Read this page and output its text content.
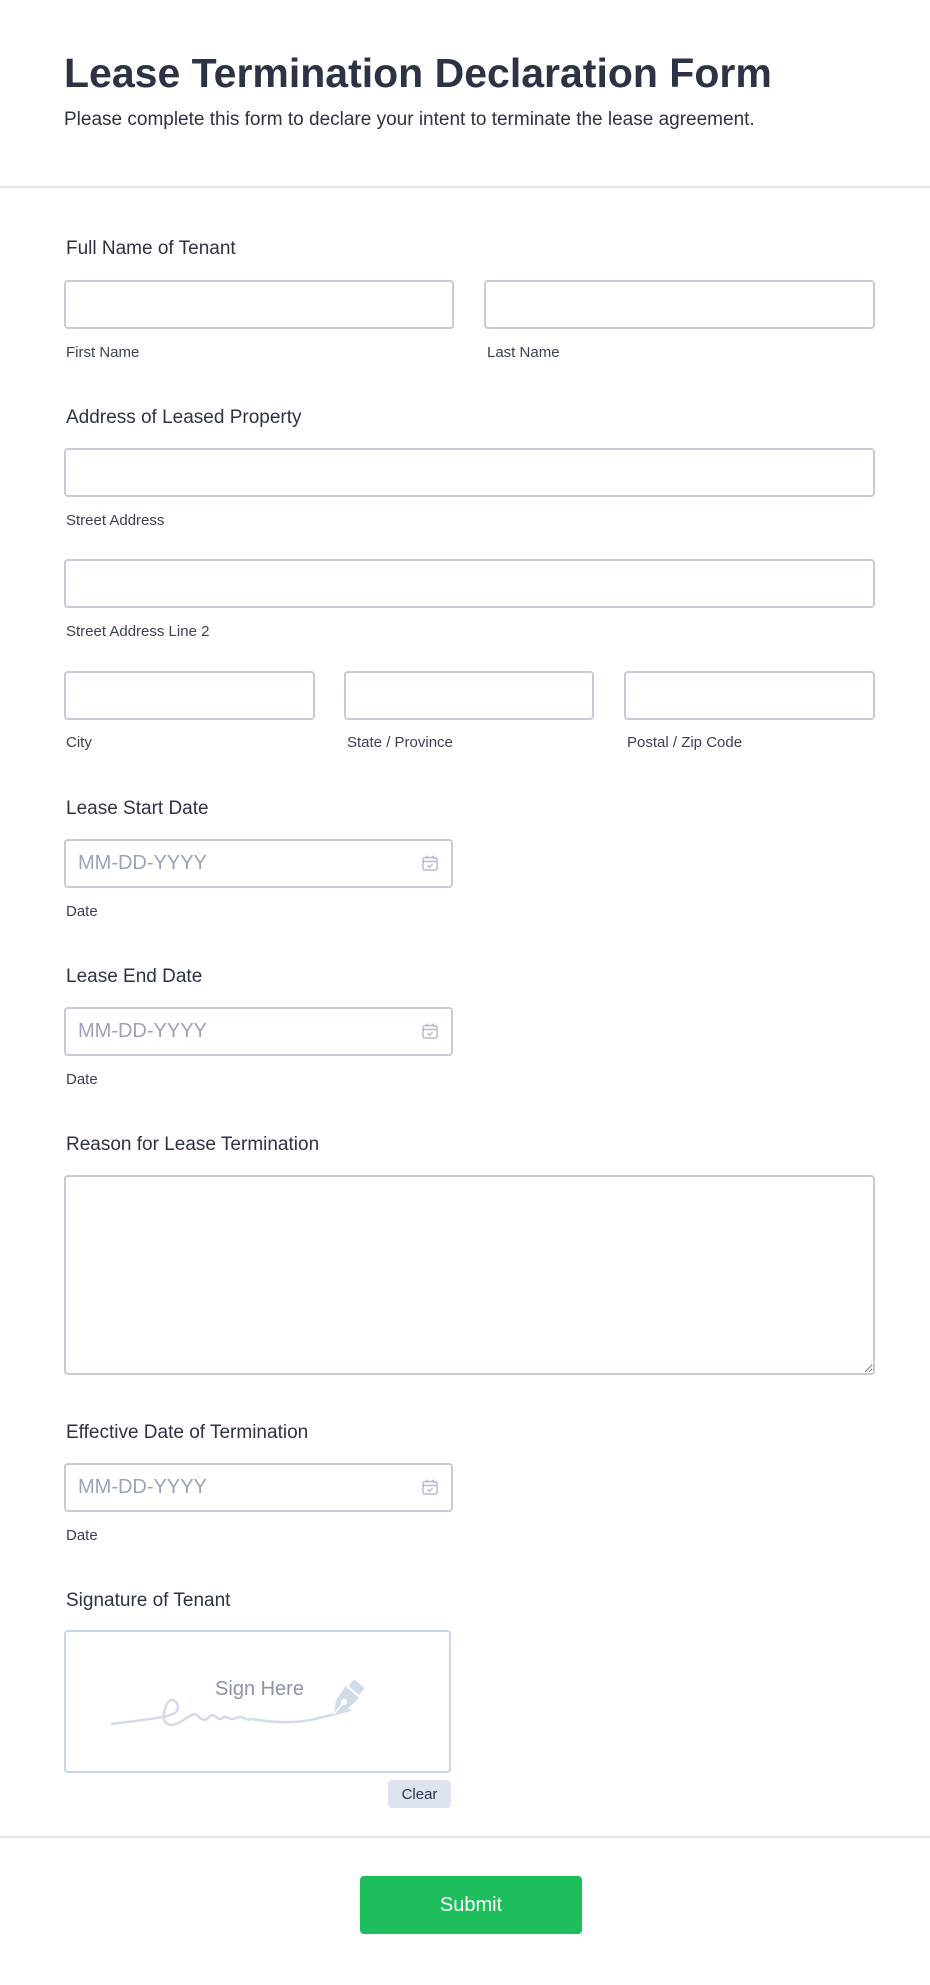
Lease Termination Declaration Form

Please complete this form to declare your intent to terminate the lease agreement.

Full Name of Tenant
First Name	Last Name
Address of Leased Property
Street Address
Street Address Line 2
City	State / Province	Postal / Zip Code
Lease Start Date
MM-DD-YYYY
Date
Lease End Date
MM-DD-YYYY
Date
Reason for Lease Termination
Effective Date of Termination
MM-DD-YYYY
Date
Signature of Tenant
Sign Here
Clear
Submit
